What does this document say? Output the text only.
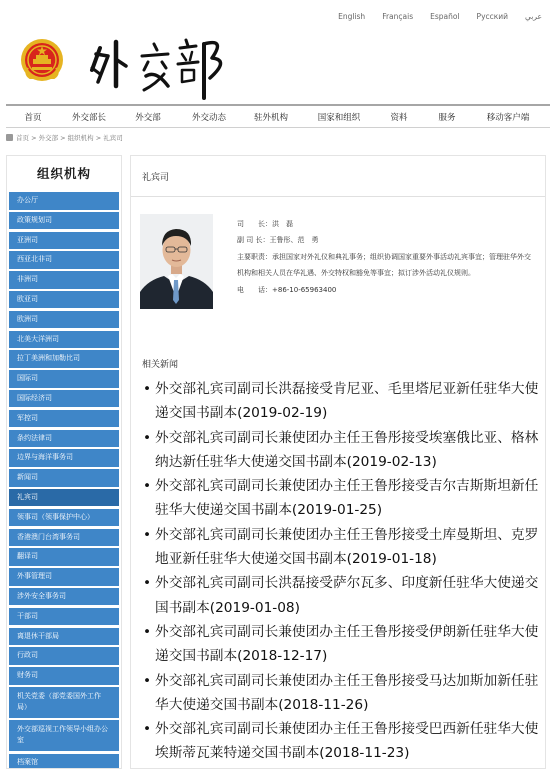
English Français Español Русский عربي
首页	外交部长	外交部	外交动态	驻外机构	国家和组织	资料	服务	移动客户端
首页 > 外交部 > 组织机构 > 礼宾司
组织机构
办公厅
政策规划司
亚洲司
西亚北非司
非洲司
欧亚司
欧洲司
北美大洋洲司
拉丁美洲和加勒比司
国际司
国际经济司
军控司
条约法律司
边界与海洋事务司
新闻司
礼宾司
领事司（领事保护中心）
香港澳门台湾事务司
翻译司
外事管理司
涉外安全事务司
干部司
离退休干部局
行政司
财务司
机关党委（部党委国外工作局）
外交部巡视工作领导小组办公室
档案馆
礼宾司
司　　长： 洪　磊
副 司 长： 王鲁彤、范　勇
主要职责：承担国家对外礼仪和典礼事务；组织协调国家重要外事活动礼宾事宜；管理驻华外交机构和相关人员在华礼遇、外交特权和豁免等事宜；拟订涉外活动礼仪规则。
电　　话： +86-10-65963400
相关新闻
• 外交部礼宾司副司长洪磊接受肯尼亚、毛里塔尼亚新任驻华大使递交国书副本(2019-02-19)
• 外交部礼宾司副司长兼使团办主任王鲁彤接受埃塞俄比亚、格林纳达新任驻华大使递交国书副本(2019-02-13)
• 外交部礼宾司副司长兼使团办主任王鲁彤接受吉尔吉斯斯坦新任驻华大使递交国书副本(2019-01-25)
• 外交部礼宾司副司长兼使团办主任王鲁彤接受土库曼斯坦、克罗地亚新任驻华大使递交国书副本(2019-01-18)
• 外交部礼宾司副司长洪磊接受萨尔瓦多、印度新任驻华大使递交国书副本(2019-01-08)
• 外交部礼宾司副司长兼使团办主任王鲁彤接受伊朗新任驻华大使递交国书副本(2018-12-17)
• 外交部礼宾司副司长兼使团办主任王鲁彤接受马达加斯加新任驻华大使递交国书副本(2018-11-26)
• 外交部礼宾司副司长兼使团办主任王鲁彤接受巴西新任驻华大使埃斯蒂瓦莱特递交国书副本(2018-11-23)
